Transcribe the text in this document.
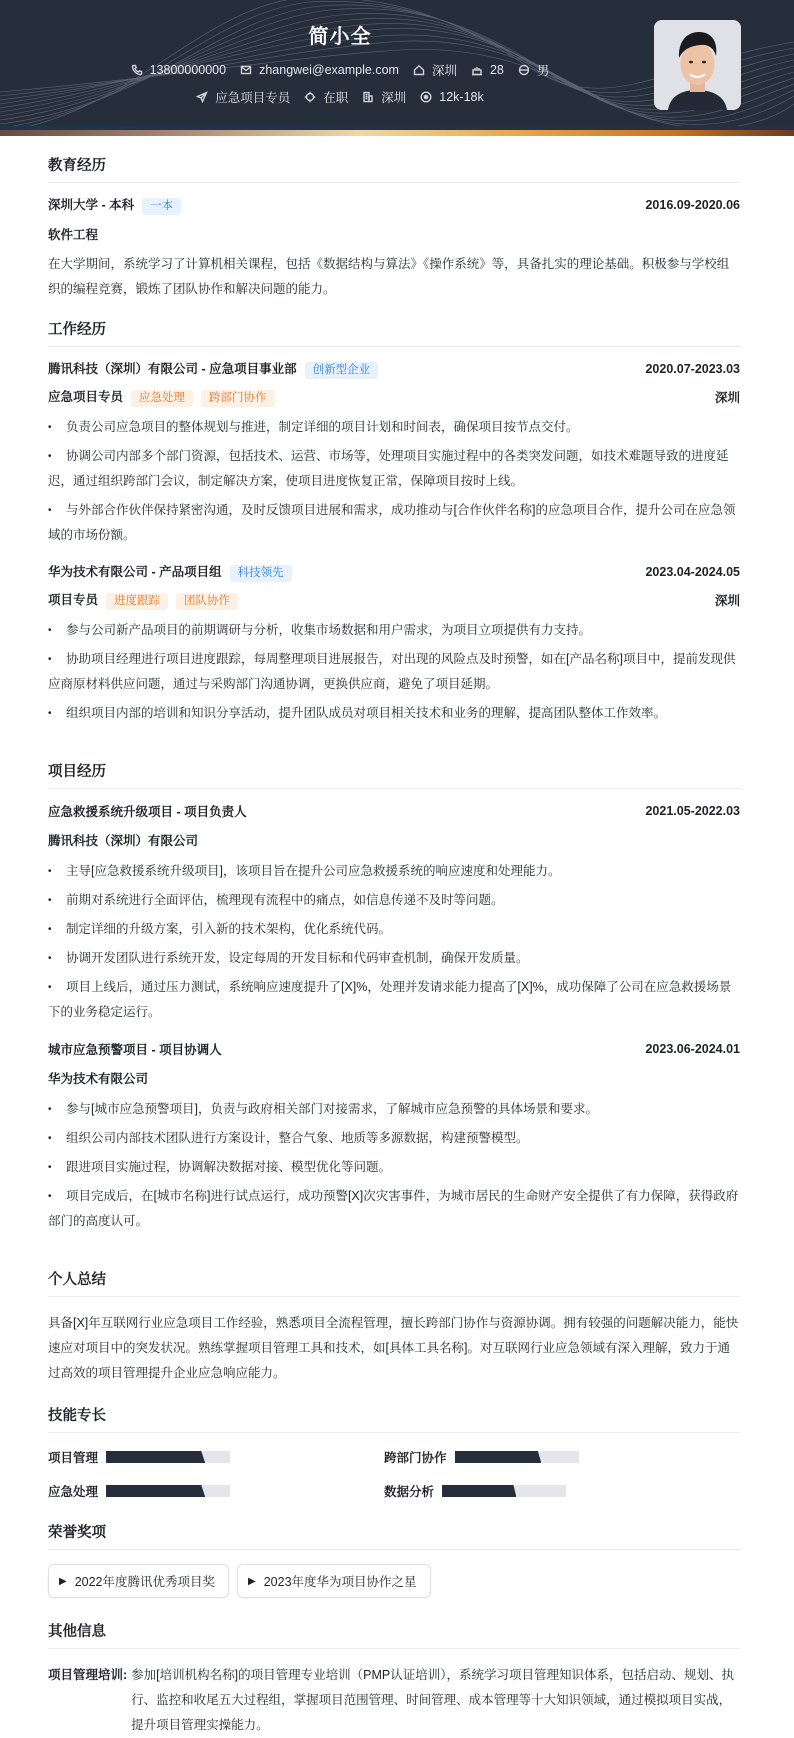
简小全
13800000000	zhangwei@example.com	深圳	28	男
应急项目专员	在职	深圳	12k-18k
教育经历
深圳大学 - 本科 一本	2016.09-2020.06
软件工程
在大学期间，系统学习了计算机相关课程，包括《数据结构与算法》《操作系统》等，具备扎实的理论基础。积极参与学校组织的编程竞赛，锻炼了团队协作和解决问题的能力。
工作经历
腾讯科技（深圳）有限公司 - 应急项目事业部 创新型企业	2020.07-2023.03
应急项目专员 应急处理 跨部门协作	深圳
• 负责公司应急项目的整体规划与推进，制定详细的项目计划和时间表，确保项目按节点交付。
• 协调公司内部多个部门资源，包括技术、运营、市场等，处理项目实施过程中的各类突发问题，如技术难题导致的进度延迟，通过组织跨部门会议，制定解决方案，使项目进度恢复正常，保障项目按时上线。
• 与外部合作伙伴保持紧密沟通，及时反馈项目进展和需求，成功推动与[合作伙伴名称]的应急项目合作，提升公司在应急领域的市场份额。
华为技术有限公司 - 产品项目组 科技领先	2023.04-2024.05
项目专员 进度跟踪 团队协作	深圳
• 参与公司新产品项目的前期调研与分析，收集市场数据和用户需求，为项目立项提供有力支持。
• 协助项目经理进行项目进度跟踪，每周整理项目进展报告，对出现的风险点及时预警，如在[产品名称]项目中，提前发现供应商原材料供应问题，通过与采购部门沟通协调，更换供应商，避免了项目延期。
• 组织项目内部的培训和知识分享活动，提升团队成员对项目相关技术和业务的理解，提高团队整体工作效率。
项目经历
应急救援系统升级项目 - 项目负责人	2021.05-2022.03
腾讯科技（深圳）有限公司
• 主导[应急救援系统升级项目]，该项目旨在提升公司应急救援系统的响应速度和处理能力。
• 前期对系统进行全面评估，梳理现有流程中的痛点，如信息传递不及时等问题。
• 制定详细的升级方案，引入新的技术架构，优化系统代码。
• 协调开发团队进行系统开发，设定每周的开发目标和代码审查机制，确保开发质量。
• 项目上线后，通过压力测试，系统响应速度提升了[X]%，处理并发请求能力提高了[X]%，成功保障了公司在应急救援场景下的业务稳定运行。
城市应急预警项目 - 项目协调人	2023.06-2024.01
华为技术有限公司
• 参与[城市应急预警项目]，负责与政府相关部门对接需求，了解城市应急预警的具体场景和要求。
• 组织公司内部技术团队进行方案设计，整合气象、地质等多源数据，构建预警模型。
• 跟进项目实施过程，协调解决数据对接、模型优化等问题。
• 项目完成后，在[城市名称]进行试点运行，成功预警[X]次灾害事件，为城市居民的生命财产安全提供了有力保障，获得政府部门的高度认可。
个人总结
具备[X]年互联网行业应急项目工作经验，熟悉项目全流程管理，擅长跨部门协作与资源协调。拥有较强的问题解决能力，能快速应对项目中的突发状况。熟练掌握项目管理工具和技术，如[具体工具名称]。对互联网行业应急领域有深入理解，致力于通过高效的项目管理提升企业应急响应能力。
技能专长
项目管理	跨部门协作
应急处理	数据分析
荣誉奖项
▶ 2022年度腾讯优秀项目奖	▶ 2023年度华为项目协作之星
其他信息
项目管理培训: 参加[培训机构名称]的项目管理专业培训（PMP认证培训），系统学习项目管理知识体系，包括启动、规划、执行、监控和收尾五大过程组，掌握项目范围管理、时间管理、成本管理等十大知识领域，通过模拟项目实战，提升项目管理实操能力。
